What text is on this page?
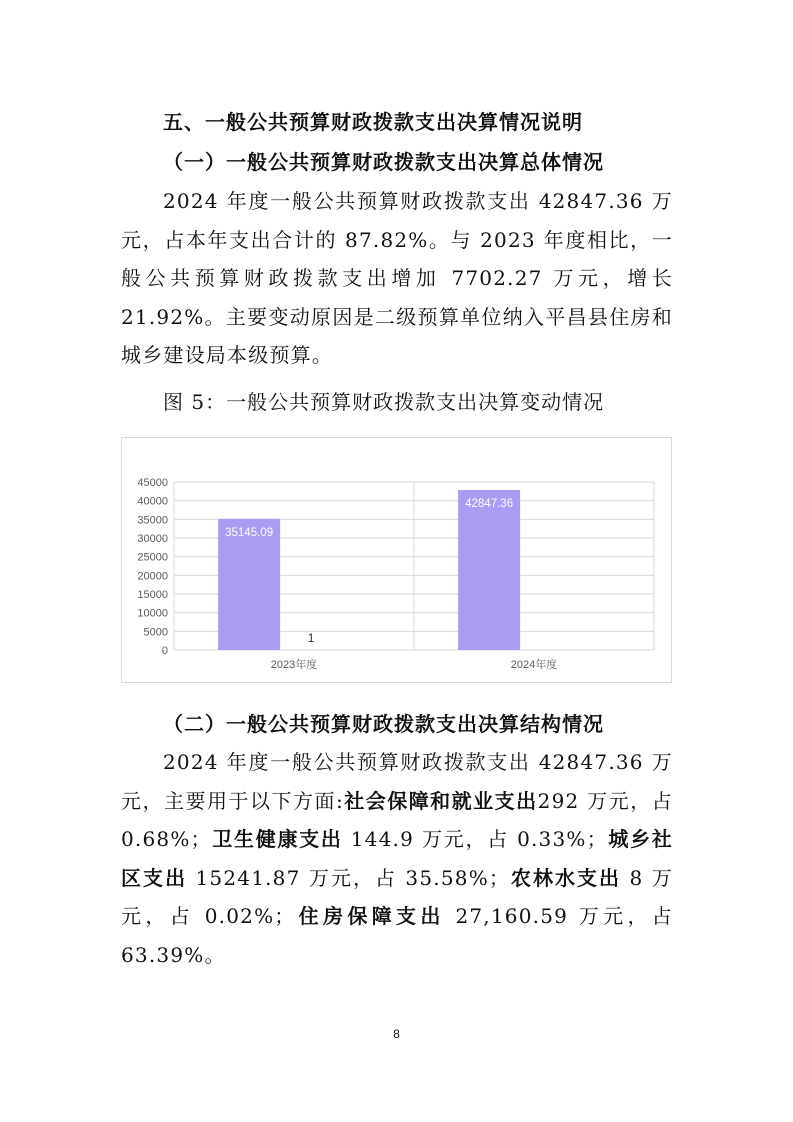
五、一般公共预算财政拨款支出决算情况说明
（一）一般公共预算财政拨款支出决算总体情况

2024 年度一般公共预算财政拨款支出 42847.36 万元，占本年支出合计的 87.82%。与 2023 年度相比，一般公共预算财政拨款支出增加 7702.27 万元，增长 21.92%。主要变动原因是二级预算单位纳入平昌县住房和城乡建设局本级预算。

图 5：一般公共预算财政拨款支出决算变动情况
0
5000
10000
15000
20000
25000
30000
35000
40000
45000
35145.09
1
2023年度
42847.36
2024年度
（二）一般公共预算财政拨款支出决算结构情况

2024 年度一般公共预算财政拨款支出 42847.36 万元，主要用于以下方面:社会保障和就业支出292 万元，占 0.68%；卫生健康支出 144.9 万元，占 0.33%；城乡社区支出 15241.87 万元，占 35.58%；农林水支出 8 万元，占 0.02%；住房保障支出 27,160.59 万元，占 63.39%。

8
